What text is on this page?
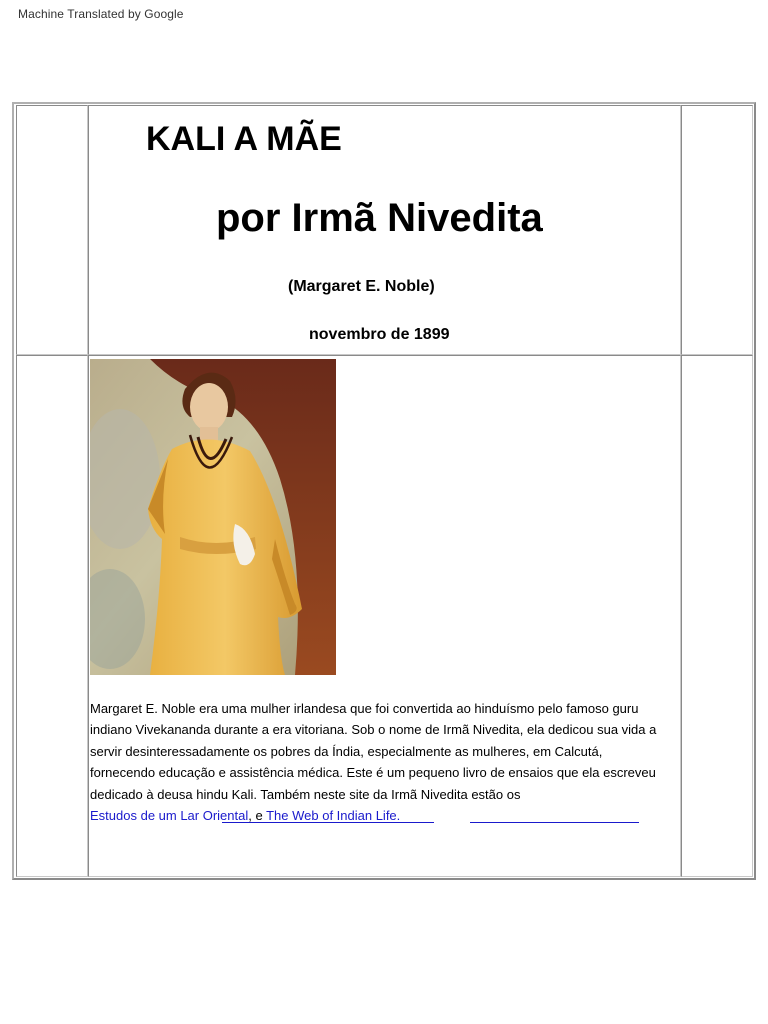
Machine Translated by Google
KALI A MÃE
por Irmã Nivedita
(Margaret E. Noble)
novembro de 1899

Margaret E. Noble era uma mulher irlandesa que foi convertida ao hinduísmo pelo famoso guru indiano Vivekananda durante a era vitoriana. Sob o nome de Irmã Nivedita, ela dedicou sua vida a servir desinteressadamente os pobres da Índia, especialmente as mulheres, em Calcutá, fornecendo educação e assistência médica. Este é um pequeno livro de ensaios que ela escreveu dedicado à deusa hindu Kali. Também neste site da Irmã Nivedita estão os
Estudos de um Lar Oriental, e The Web of Indian Life.
